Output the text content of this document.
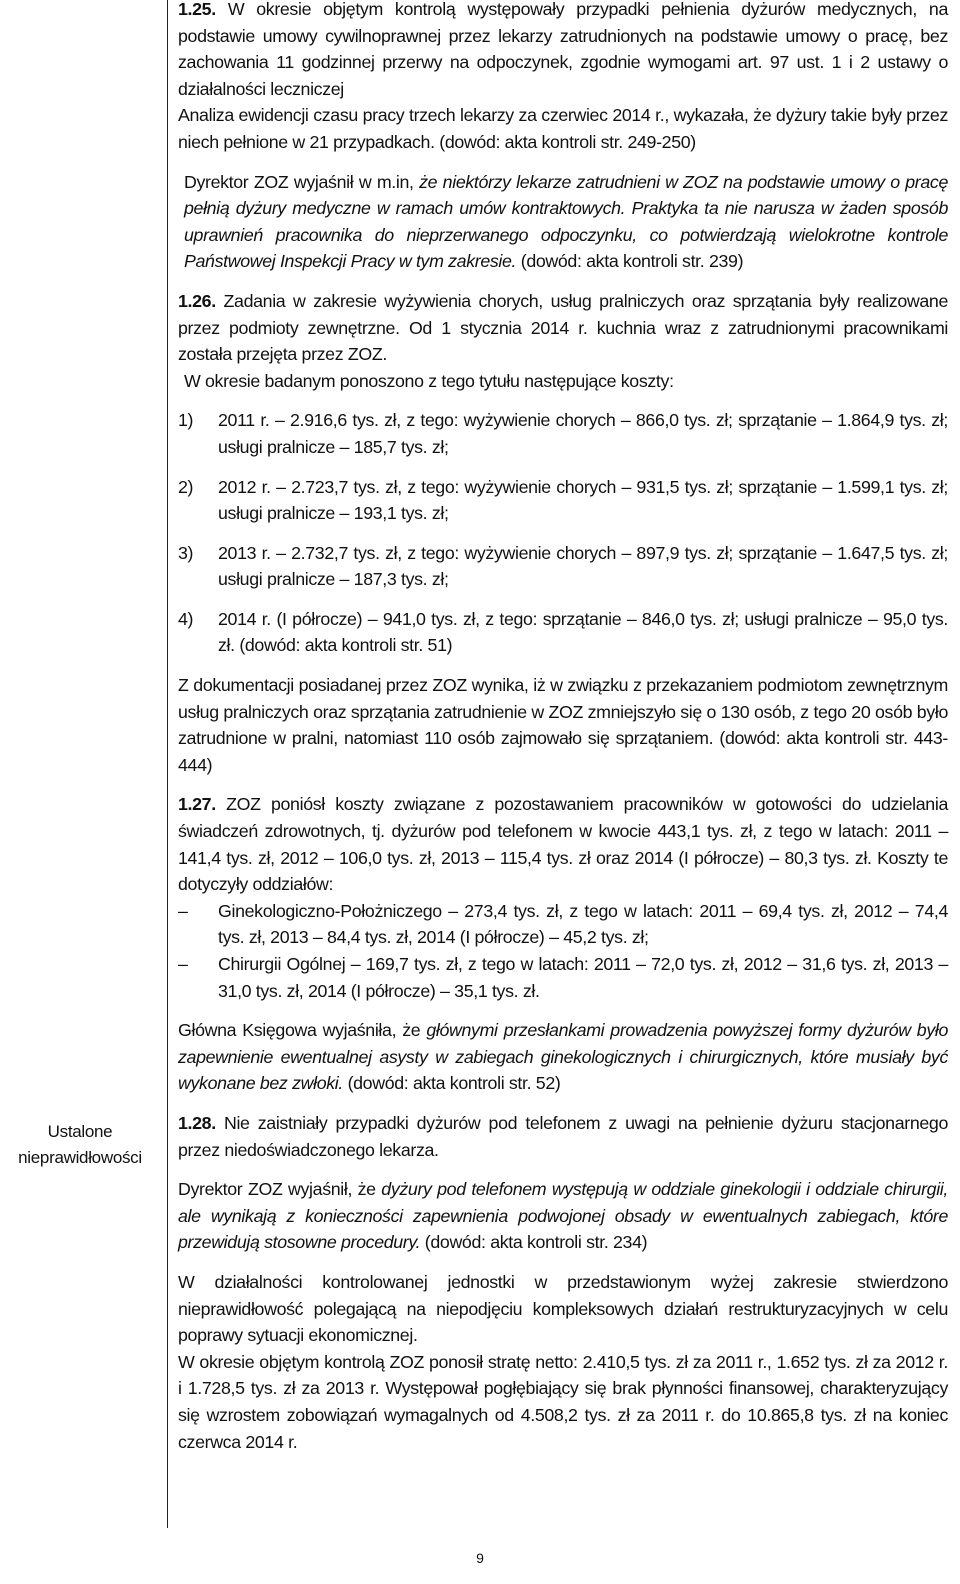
Ustalone nieprawidłowości

1.25. W okresie objętym kontrolą występowały przypadki pełnienia dyżurów medycznych, na podstawie umowy cywilnoprawnej przez lekarzy zatrudnionych na podstawie umowy o pracę, bez zachowania 11 godzinnej przerwy na odpoczynek, zgodnie wymogami art. 97 ust. 1 i 2 ustawy o działalności leczniczej

Analiza ewidencji czasu pracy trzech lekarzy za czerwiec 2014 r., wykazała, że dyżury takie były przez niech pełnione w 21 przypadkach. (dowód: akta kontroli str. 249-250)

Dyrektor ZOZ wyjaśnił w m.in, że niektórzy lekarze zatrudnieni w ZOZ na podstawie umowy o pracę pełnią dyżury medyczne w ramach umów kontraktowych. Praktyka ta nie narusza w żaden sposób uprawnień pracownika do nieprzerwanego odpoczynku, co potwierdzają wielokrotne kontrole Państwowej Inspekcji Pracy w tym zakresie. (dowód: akta kontroli str. 239)

1.26. Zadania w zakresie wyżywienia chorych, usług pralniczych oraz sprzątania były realizowane przez podmioty zewnętrzne. Od 1 stycznia 2014 r. kuchnia wraz z zatrudnionymi pracownikami została przejęta przez ZOZ.

W okresie badanym ponoszono z tego tytułu następujące koszty:

1)	2011 r. – 2.916,6 tys. zł, z tego: wyżywienie chorych – 866,0 tys. zł; sprzątanie – 1.864,9 tys. zł; usługi pralnicze – 185,7 tys. zł;
2)	2012 r. – 2.723,7 tys. zł, z tego: wyżywienie chorych – 931,5 tys. zł; sprzątanie – 1.599,1 tys. zł; usługi pralnicze – 193,1 tys. zł;
3)	2013 r. – 2.732,7 tys. zł, z tego: wyżywienie chorych – 897,9 tys. zł; sprzątanie – 1.647,5 tys. zł; usługi pralnicze – 187,3 tys. zł;
4)	2014 r. (I półrocze) – 941,0 tys. zł, z tego: sprzątanie – 846,0 tys. zł; usługi pralnicze – 95,0 tys. zł. (dowód: akta kontroli str. 51)

Z dokumentacji posiadanej przez ZOZ wynika, iż w związku z przekazaniem podmiotom zewnętrznym usług pralniczych oraz sprzątania zatrudnienie w ZOZ zmniejszyło się o 130 osób, z tego 20 osób było zatrudnione w pralni, natomiast 110 osób zajmowało się sprzątaniem. (dowód: akta kontroli str. 443-444)

1.27. ZOZ poniósł koszty związane z pozostawaniem pracowników w gotowości do udzielania świadczeń zdrowotnych, tj. dyżurów pod telefonem w kwocie 443,1 tys. zł, z tego w latach: 2011 – 141,4 tys. zł, 2012 – 106,0 tys. zł, 2013 – 115,4 tys. zł oraz 2014 (I półrocze) – 80,3 tys. zł. Koszty te dotyczyły oddziałów:

–	Ginekologiczno-Położniczego – 273,4 tys. zł, z tego w latach: 2011 – 69,4 tys. zł, 2012 – 74,4 tys. zł, 2013 – 84,4 tys. zł, 2014 (I półrocze) – 45,2 tys. zł;
–	Chirurgii Ogólnej – 169,7 tys. zł, z tego w latach: 2011 – 72,0 tys. zł, 2012 – 31,6 tys. zł, 2013 – 31,0 tys. zł, 2014 (I półrocze) – 35,1 tys. zł.

Główna Księgowa wyjaśniła, że głównymi przesłankami prowadzenia powyższej formy dyżurów było zapewnienie ewentualnej asysty w zabiegach ginekologicznych i chirurgicznych, które musiały być wykonane bez zwłoki. (dowód: akta kontroli str. 52)

1.28. Nie zaistniały przypadki dyżurów pod telefonem z uwagi na pełnienie dyżuru stacjonarnego przez niedoświadczonego lekarza.

Dyrektor ZOZ wyjaśnił, że dyżury pod telefonem występują w oddziale ginekologii i oddziale chirurgii, ale wynikają z konieczności zapewnienia podwojonej obsady w ewentualnych zabiegach, które przewidują stosowne procedury. (dowód: akta kontroli str. 234)

W działalności kontrolowanej jednostki w przedstawionym wyżej zakresie stwierdzono nieprawidłowość polegającą na niepodjęciu kompleksowych działań restrukturyzacyjnych w celu poprawy sytuacji ekonomicznej.

W okresie objętym kontrolą ZOZ ponosił stratę netto: 2.410,5 tys. zł za 2011 r., 1.652 tys. zł za 2012 r. i 1.728,5 tys. zł za 2013 r. Występował pogłębiający się brak płynności finansowej, charakteryzujący się wzrostem zobowiązań wymagalnych od 4.508,2 tys. zł za 2011 r. do 10.865,8 tys. zł na koniec czerwca 2014 r.

9
